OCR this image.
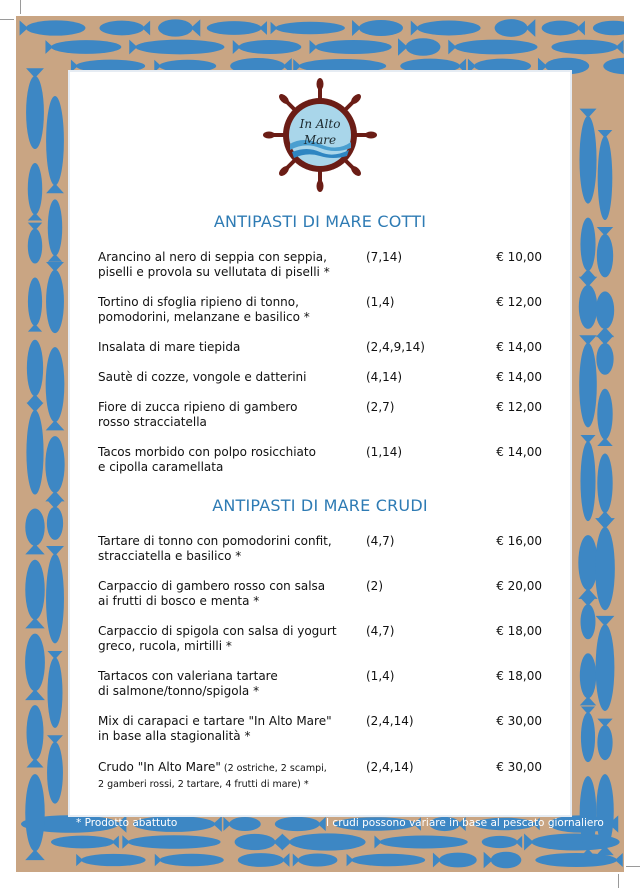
In Alto
Mare
ANTIPASTI DI MARE COTTI
Arancino al nero di seppia con seppia,
piselli e provola su vellutata di piselli *
(7,14)	€ 10,00
Tortino di sfoglia ripieno di tonno,
pomodorini, melanzane e basilico *
(1,4)	€ 12,00
Insalata di mare tiepida	(2,4,9,14)	€ 14,00
Sautè di cozze, vongole e datterini	(4,14)	€ 14,00
Fiore di zucca ripieno di gambero
rosso stracciatella
(2,7)	€ 12,00
Tacos morbido con polpo rosicchiato
e cipolla caramellata
(1,14)	€ 14,00
ANTIPASTI DI MARE CRUDI
Tartare di tonno con pomodorini confit,
stracciatella e basilico *
(4,7)	€ 16,00
Carpaccio di gambero rosso con salsa
ai frutti di bosco e menta *
(2)	€ 20,00
Carpaccio di spigola con salsa di yogurt
greco, rucola, mirtilli *
(4,7)	€ 18,00
Tartacos con valeriana tartare
di salmone/tonno/spigola *
(1,4)	€ 18,00
Mix di carapaci e tartare "In Alto Mare"
in base alla stagionalità *
(2,4,14)	€ 30,00
Crudo "In Alto Mare" (2 ostriche, 2 scampi,
2 gamberi rossi, 2 tartare, 4 frutti di mare) *
(2,4,14)	€ 30,00
* Prodotto abattuto	I crudi possono variare in base al pescato giornaliero
